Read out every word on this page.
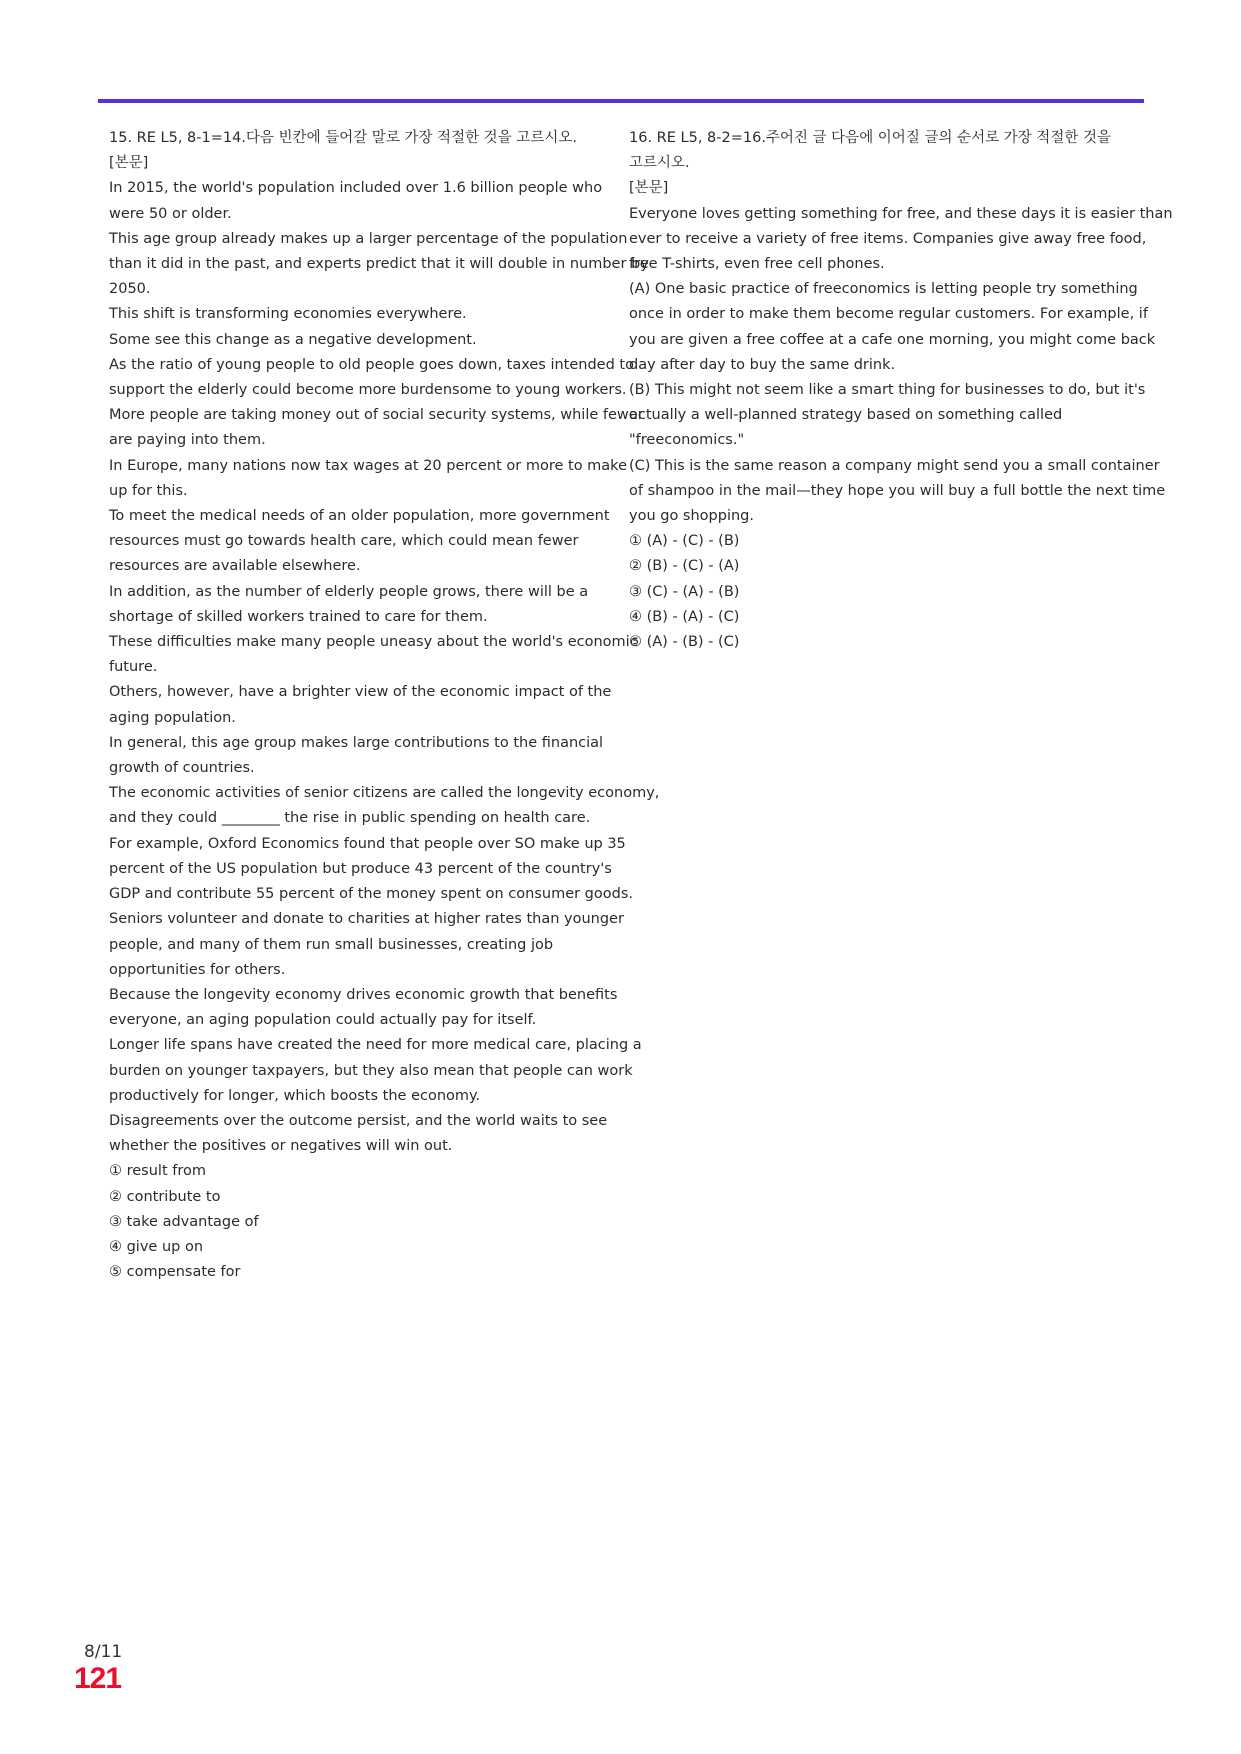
15. RE L5, 8-1=14.다음 빈칸에 들어갈 말로 가장 적절한 것을 고르시오.
[본문]
In 2015, the world's population included over 1.6 billion people who
were 50 or older.
This age group already makes up a larger percentage of the population
than it did in the past, and experts predict that it will double in number by
2050.
This shift is transforming economies everywhere.
Some see this change as a negative development.
As the ratio of young people to old people goes down, taxes intended to
support the elderly could become more burdensome to young workers.
More people are taking money out of social security systems, while fewer
are paying into them.
In Europe, many nations now tax wages at 20 percent or more to make
up for this.
To meet the medical needs of an older population, more government
resources must go towards health care, which could mean fewer
resources are available elsewhere.
In addition, as the number of elderly people grows, there will be a
shortage of skilled workers trained to care for them.
These difficulties make many people uneasy about the world's economic
future.
Others, however, have a brighter view of the economic impact of the
aging population.
In general, this age group makes large contributions to the financial
growth of countries.
The economic activities of senior citizens are called the longevity economy,
and they could ________ the rise in public spending on health care.
For example, Oxford Economics found that people over SO make up 35
percent of the US population but produce 43 percent of the country's
GDP and contribute 55 percent of the money spent on consumer goods.
Seniors volunteer and donate to charities at higher rates than younger
people, and many of them run small businesses, creating job
opportunities for others.
Because the longevity economy drives economic growth that benefits
everyone, an aging population could actually pay for itself.
Longer life spans have created the need for more medical care, placing a
burden on younger taxpayers, but they also mean that people can work
productively for longer, which boosts the economy.
Disagreements over the outcome persist, and the world waits to see
whether the positives or negatives will win out.
① result from
② contribute to
③ take advantage of
④ give up on
⑤ compensate for
16. RE L5, 8-2=16.주어진 글 다음에 이어질 글의 순서로 가장 적절한 것을
고르시오.
[본문]
Everyone loves getting something for free, and these days it is easier than
ever to receive a variety of free items. Companies give away free food,
free T-shirts, even free cell phones.
(A) One basic practice of freeconomics is letting people try something
once in order to make them become regular customers. For example, if
you are given a free coffee at a cafe one morning, you might come back
day after day to buy the same drink.
(B) This might not seem like a smart thing for businesses to do, but it's
actually a well-planned strategy based on something called
"freeconomics."
(C) This is the same reason a company might send you a small container
of shampoo in the mail—they hope you will buy a full bottle the next time
you go shopping.
① (A) - (C) - (B)
② (B) - (C) - (A)
③ (C) - (A) - (B)
④ (B) - (A) - (C)
⑤ (A) - (B) - (C)
8/11
121
